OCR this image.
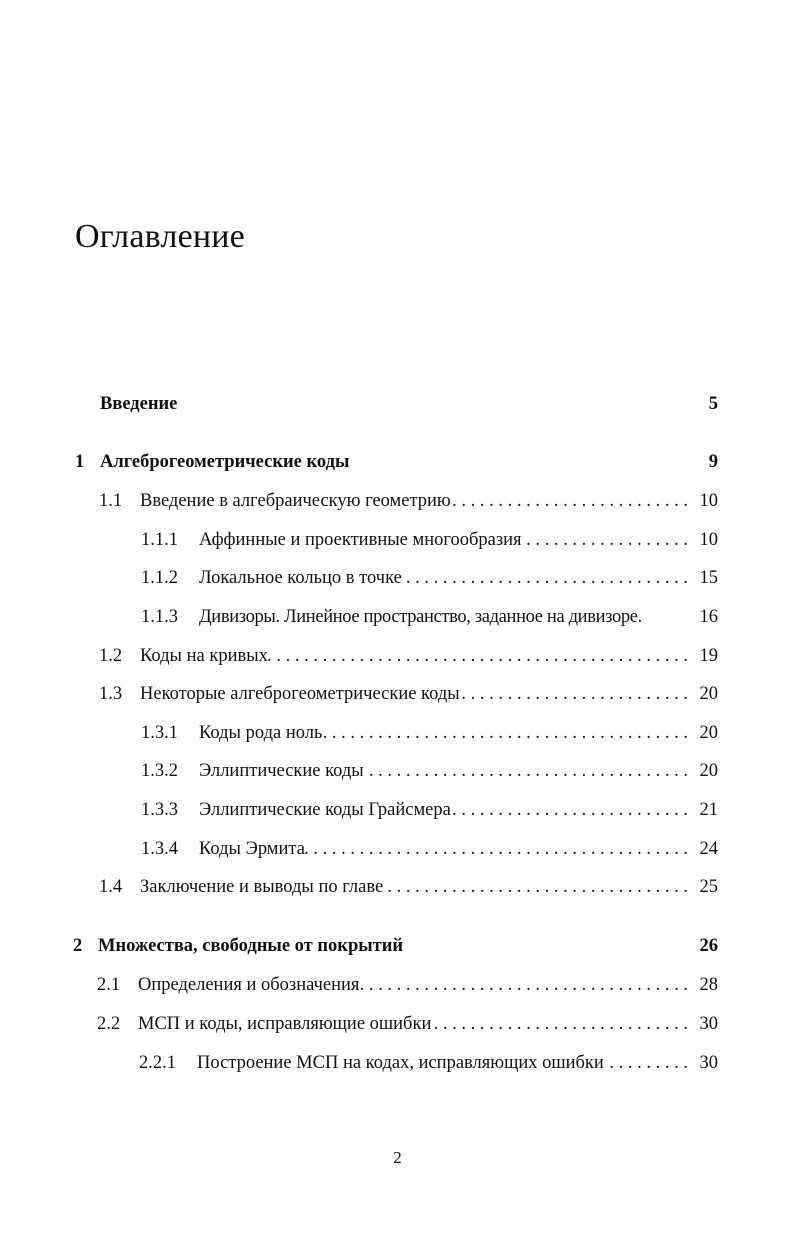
Оглавление
Введение	5
1 Алгеброгеометрические коды	9
1.1 Введение в алгебраическую геометрию . . .	10
1.1.1	Аффинные и проективные многообразия . . .	10
1.1.2	Локальное кольцо в точке . . .	15
1.1.3	Дивизоры. Линейное пространство, заданное на дивизоре.	16
1.2 Коды на кривых . . .	19
1.3 Некоторые алгеброгеометрические коды . . .	20
1.3.1	Коды рода ноль . . .	20
1.3.2	Эллиптические коды . . .	20
1.3.3	Эллиптические коды Грайсмера . . .	21
1.3.4	Коды Эрмита . . .	24
1.4 Заключение и выводы по главе . . .	25
2 Множества, свободные от покрытий	26
2.1 Определения и обозначения . . .	28
2.2 МСП и коды, исправляющие ошибки . . .	30
2.2.1	Построение МСП на кодах, исправляющих ошибки . . .	30
2
